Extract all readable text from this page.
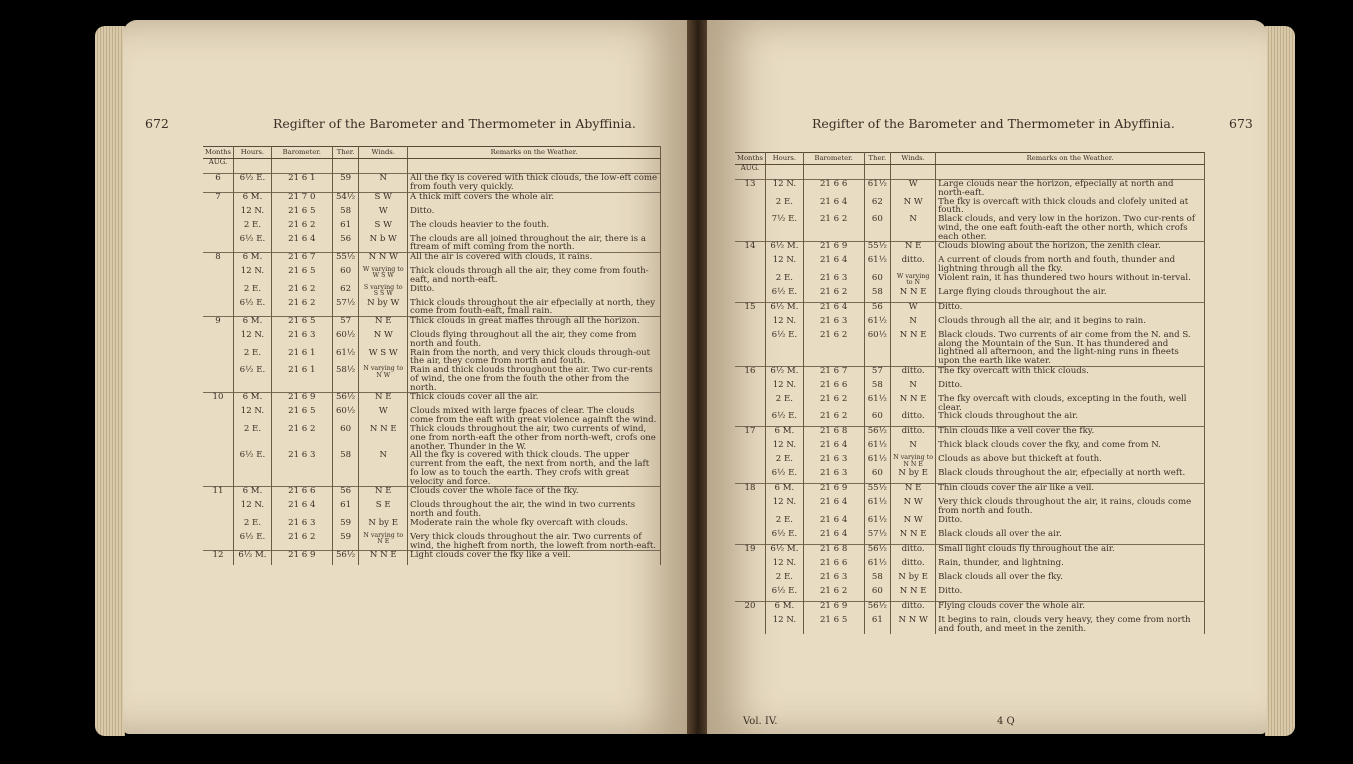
672	Regifter of the Barometer and Thermometer in Abyffinia.
Months	Hours.	Barometer.	Ther.	Winds.	Remarks on the Weather.
AUG.					
6	6½ E.	21 6 1	59	N	All the fky is covered with thick clouds, the low-eft come from fouth very quickly.
7	6 M.	21 7 0	54½	S W	A thick mift covers the whole air.
	12 N.	21 6 5	58	W	Ditto.
	2 E.	21 6 2	61	S W	The clouds heavier to the fouth.
	6½ E.	21 6 4	56	N b W	The clouds are all joined throughout the air, there is a ftream of mift coming from the north.
8	6 M.	21 6 7	55½	N N W	All the air is covered with clouds, it rains.
	12 N.	21 6 5	60	W varying to W S W	Thick clouds through all the air, they come from fouth-eaft, and north-eaft.
	2 E.	21 6 2	62	S varying to S S W	Ditto.
	6½ E.	21 6 2	57½	N by W	Thick clouds throughout the air efpecially at north, they come from fouth-eaft, fmall rain.
9	6 M.	21 6 5	57	N E	Thick clouds in great maffes through all the horizon.
	12 N.	21 6 3	60½	N W	Clouds flying throughout all the air, they come from north and fouth.
	2 E.	21 6 1	61½	W S W	Rain from the north, and very thick clouds through-out the air, they come from north and fouth.
	6½ E.	21 6 1	58½	N varying to N W	Rain and thick clouds throughout the air. Two cur-rents of wind, the one from the fouth the other from the north.
10	6 M.	21 6 9	56½	N E	Thick clouds cover all the air.
	12 N.	21 6 5	60½	W	Clouds mixed with large fpaces of clear. The clouds come from the eaft with great violence againft the wind.
	2 E.	21 6 2	60	N N E	Thick clouds throughout the air, two currents of wind, one from north-eaft the other from north-weft, crofs one another. Thunder in the W.
	6½ E.	21 6 3	58	N	All the fky is covered with thick clouds. The upper current from the eaft, the next from north, and the laft fo low as to touch the earth. They crofs with great velocity and force.
11	6 M.	21 6 6	56	N E	Clouds cover the whole face of the fky.
	12 N.	21 6 4	61	S E	Clouds throughout the air, the wind in two currents north and fouth.
	2 E.	21 6 3	59	N by E	Moderate rain the whole fky overcaft with clouds.
	6½ E.	21 6 2	59	N varying to N E	Very thick clouds throughout the air. Two currents of wind, the higheft from north, the loweft from north-eaft.
12	6½ M.	21 6 9	56½	N N E	Light clouds cover the fky like a veil.
Regifter of the Barometer and Thermometer in Abyffinia.	673
Months	Hours.	Barometer.	Ther.	Winds.	Remarks on the Weather.
AUG.					
13	12 N.	21 6 6	61½	W	Large clouds near the horizon, efpecially at north and north-eaft.
	2 E.	21 6 4	62	N W	The fky is overcaft with thick clouds and clofely united at fouth.
	7½ E.	21 6 2	60	N	Black clouds, and very low in the horizon. Two cur-rents of wind, the one eaft fouth-eaft the other north, which crofs each other.
14	6½ M.	21 6 9	55½	N E	Clouds blowing about the horizon, the zenith clear.
	12 N.	21 6 4	61½	ditto.	A current of clouds from north and fouth, thunder and lightning through all the fky.
	2 E.	21 6 3	60	W varying to N	Violent rain, it has thundered two hours without in-terval.
	6½ E.	21 6 2	58	N N E	Large flying clouds throughout the air.
15	6½ M.	21 6 4	56	W	Ditto.
	12 N.	21 6 3	61½	N	Clouds through all the air, and it begins to rain.
	6½ E.	21 6 2	60½	N N E	Black clouds. Two currents of air come from the N. and S. along the Mountain of the Sun. It has thundered and lightned all afternoon, and the light-ning runs in fheets upon the earth like water.
16	6½ M.	21 6 7	57	ditto.	The fky overcaft with thick clouds.
	12 N.	21 6 6	58	N	Ditto.
	2 E.	21 6 2	61½	N N E	The fky overcaft with clouds, excepting in the fouth, well clear.
	6½ E.	21 6 2	60	ditto.	Thick clouds throughout the air.
17	6 M.	21 6 8	56½	ditto.	Thin clouds like a veil cover the fky.
	12 N.	21 6 4	61½	N	Thick black clouds cover the fky, and come from N.
	2 E.	21 6 3	61½	N varying to N N E	Clouds as above but thickeft at fouth.
	6½ E.	21 6 3	60	N by E	Black clouds throughout the air, efpecially at north weft.
18	6 M.	21 6 9	55½	N E	Thin clouds cover the air like a veil.
	12 N.	21 6 4	61½	N W	Very thick clouds throughout the air, it rains, clouds come from north and fouth.
	2 E.	21 6 4	61½	N W	Ditto.
	6½ E.	21 6 4	57½	N N E	Black clouds all over the air.
19	6½ M.	21 6 8	56½	ditto.	Small light clouds fly throughout the air.
	12 N.	21 6 6	61½	ditto.	Rain, thunder, and lightning.
	2 E.	21 6 3	58	N by E	Black clouds all over the fky.
	6½ E.	21 6 2	60	N N E	Ditto.
20	6 M.	21 6 9	56½	ditto.	Flying clouds cover the whole air.
	12 N.	21 6 5	61	N N W	It begins to rain, clouds very heavy, they come from north and fouth, and meet in the zenith.
Vol. IV.	4 Q
